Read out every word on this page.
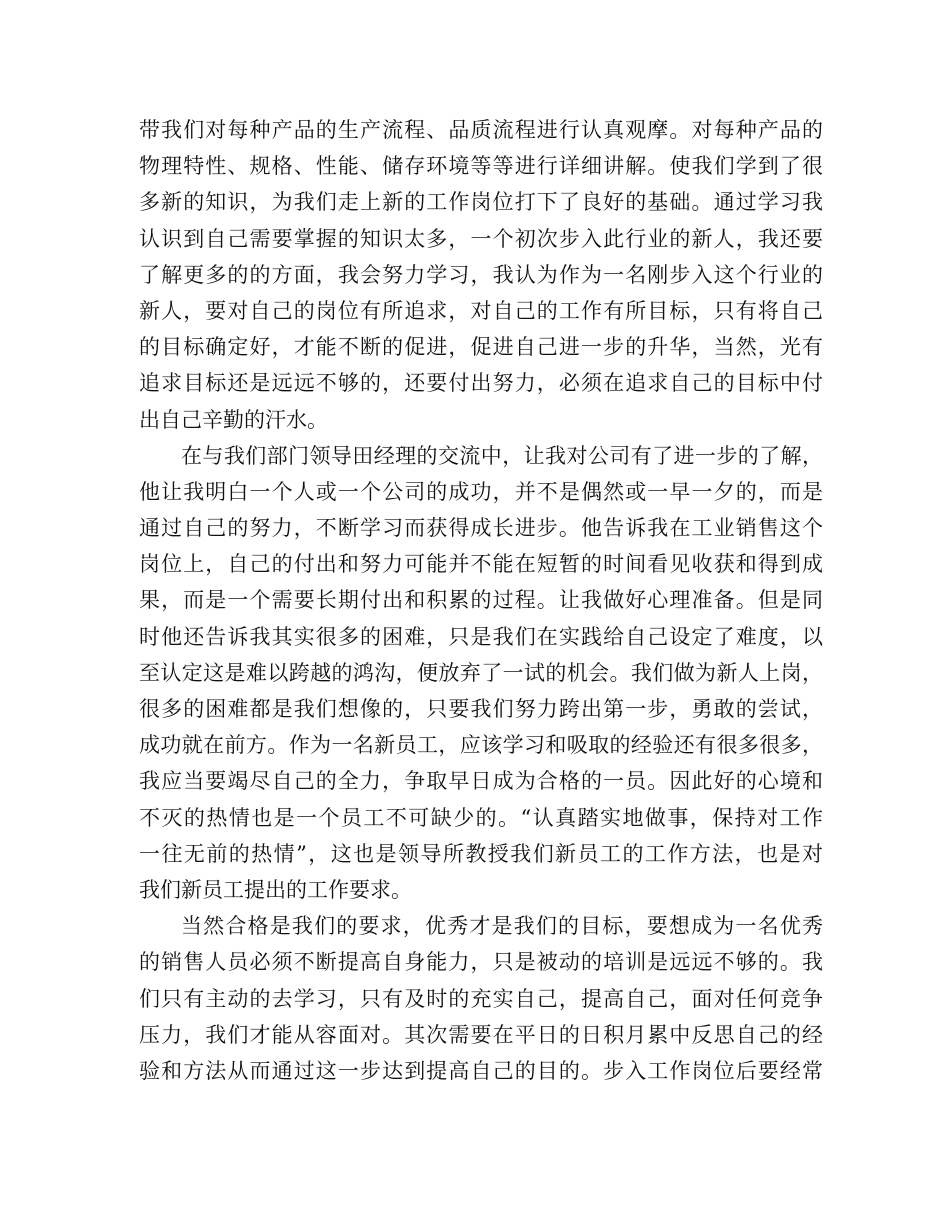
带我们对每种产品的生产流程、品质流程进行认真观摩。对每种产品的
物理特性、规格、性能、储存环境等等进行详细讲解。使我们学到了很
多新的知识，为我们走上新的工作岗位打下了良好的基础。通过学习我
认识到自己需要掌握的知识太多，一个初次步入此行业的新人，我还要
了解更多的的方面，我会努力学习，我认为作为一名刚步入这个行业的
新人，要对自己的岗位有所追求，对自己的工作有所目标，只有将自己
的目标确定好，才能不断的促进，促进自己进一步的升华，当然，光有
追求目标还是远远不够的，还要付出努力，必须在追求自己的目标中付
出自己辛勤的汗水。
在与我们部门领导田经理的交流中，让我对公司有了进一步的了解，
他让我明白一个人或一个公司的成功，并不是偶然或一早一夕的，而是
通过自己的努力，不断学习而获得成长进步。他告诉我在工业销售这个
岗位上，自己的付出和努力可能并不能在短暂的时间看见收获和得到成
果，而是一个需要长期付出和积累的过程。让我做好心理准备。但是同
时他还告诉我其实很多的困难，只是我们在实践给自己设定了难度，以
至认定这是难以跨越的鸿沟，便放弃了一试的机会。我们做为新人上岗，
很多的困难都是我们想像的，只要我们努力跨出第一步，勇敢的尝试，
成功就在前方。作为一名新员工，应该学习和吸取的经验还有很多很多，
我应当要竭尽自己的全力，争取早日成为合格的一员。因此好的心境和
不灭的热情也是一个员工不可缺少的。“认真踏实地做事，保持对工作
一往无前的热情”，这也是领导所教授我们新员工的工作方法，也是对
我们新员工提出的工作要求。
当然合格是我们的要求，优秀才是我们的目标，要想成为一名优秀
的销售人员必须不断提高自身能力，只是被动的培训是远远不够的。我
们只有主动的去学习，只有及时的充实自己，提高自己，面对任何竞争
压力，我们才能从容面对。其次需要在平日的日积月累中反思自己的经
验和方法从而通过这一步达到提高自己的目的。步入工作岗位后要经常
